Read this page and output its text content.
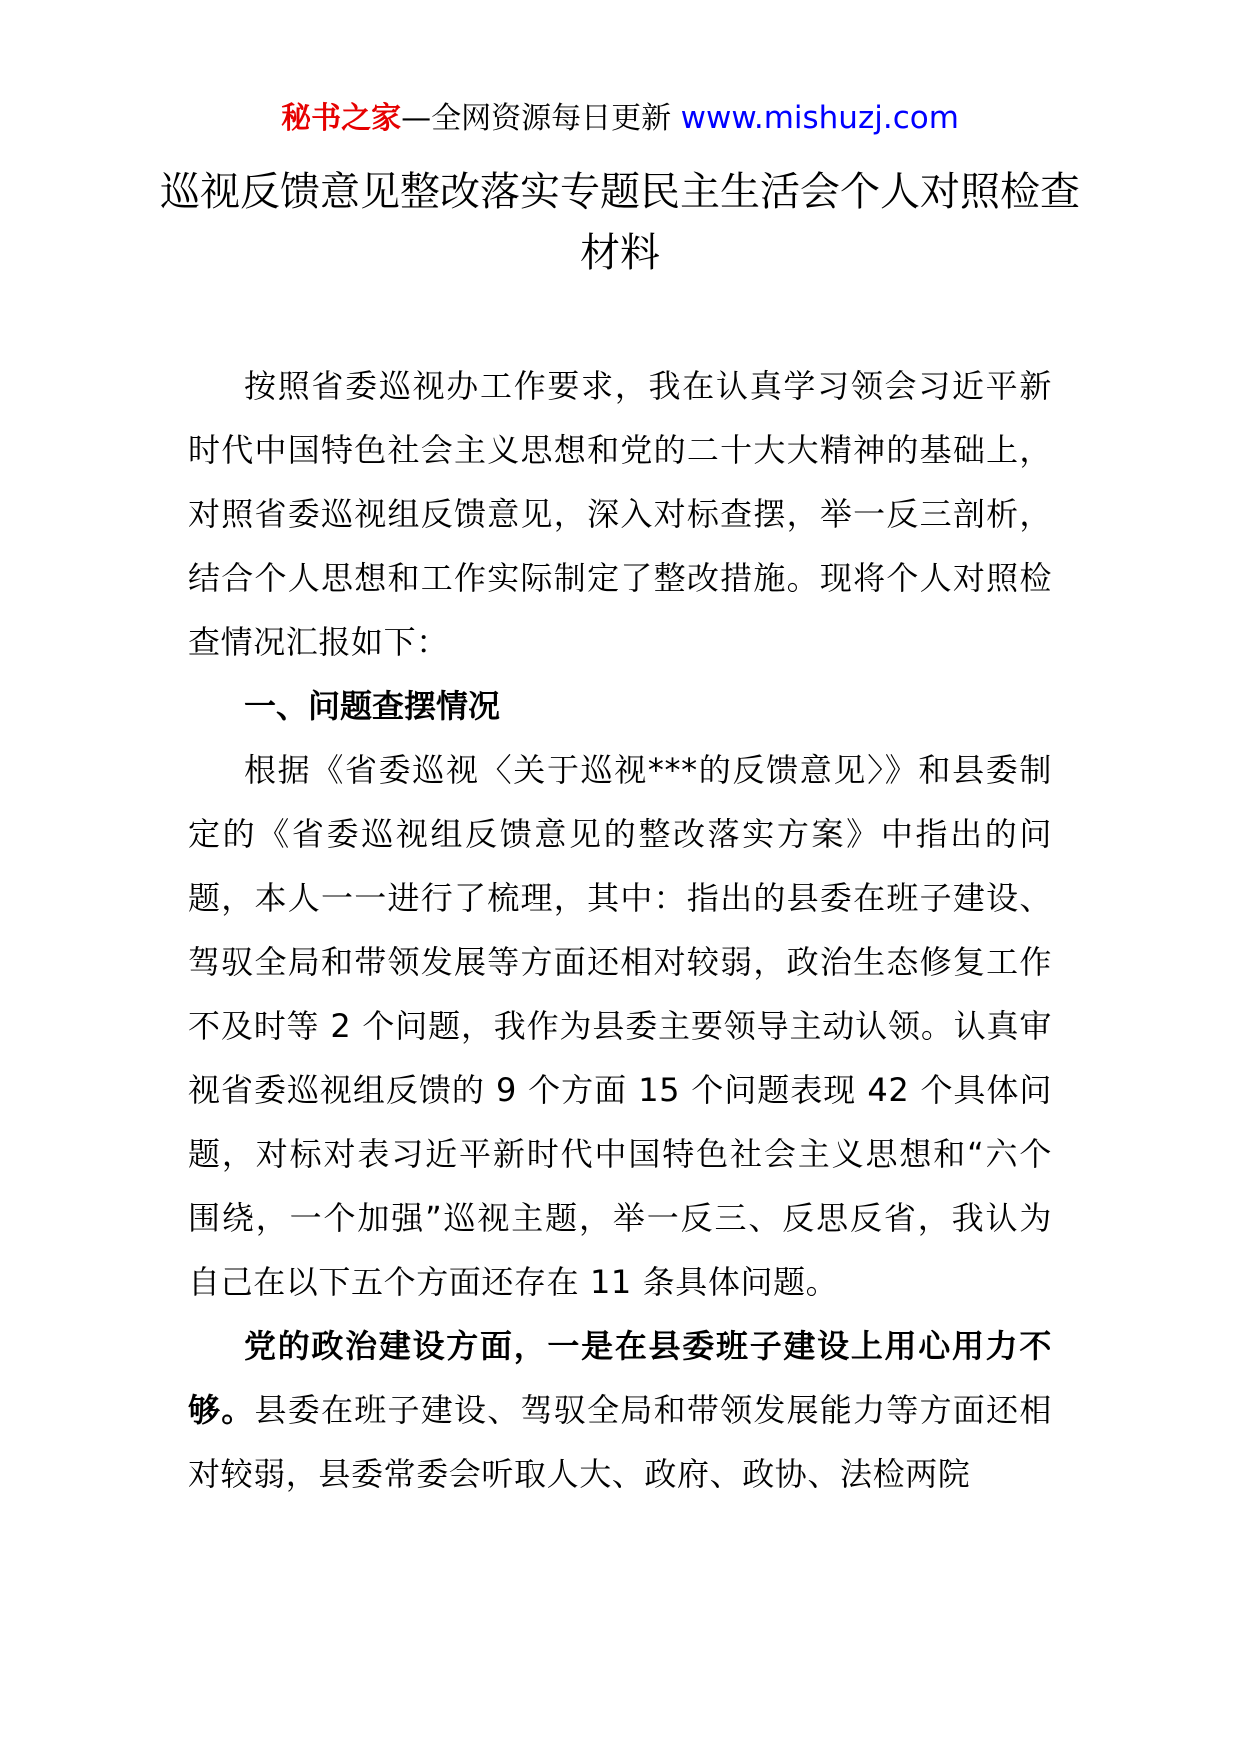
秘书之家—全网资源每日更新 www.mishuzj.com
巡视反馈意见整改落实专题民主生活会个人对照检查材料

按照省委巡视办工作要求，我在认真学习领会习近平新时代中国特色社会主义思想和党的二十大大精神的基础上，对照省委巡视组反馈意见，深入对标查摆，举一反三剖析，结合个人思想和工作实际制定了整改措施。现将个人对照检查情况汇报如下：

一、问题查摆情况

根据《省委巡视〈关于巡视***的反馈意见〉》和县委制定的《省委巡视组反馈意见的整改落实方案》中指出的问题，本人一一进行了梳理，其中：指出的县委在班子建设、驾驭全局和带领发展等方面还相对较弱，政治生态修复工作不及时等 2 个问题，我作为县委主要领导主动认领。认真审视省委巡视组反馈的 9 个方面 15 个问题表现 42 个具体问题，对标对表习近平新时代中国特色社会主义思想和“六个围绕，一个加强”巡视主题，举一反三、反思反省，我认为自己在以下五个方面还存在 11 条具体问题。

党的政治建设方面，一是在县委班子建设上用心用力不够。县委在班子建设、驾驭全局和带领发展能力等方面还相对较弱，县委常委会听取人大、政府、政协、法检两院
